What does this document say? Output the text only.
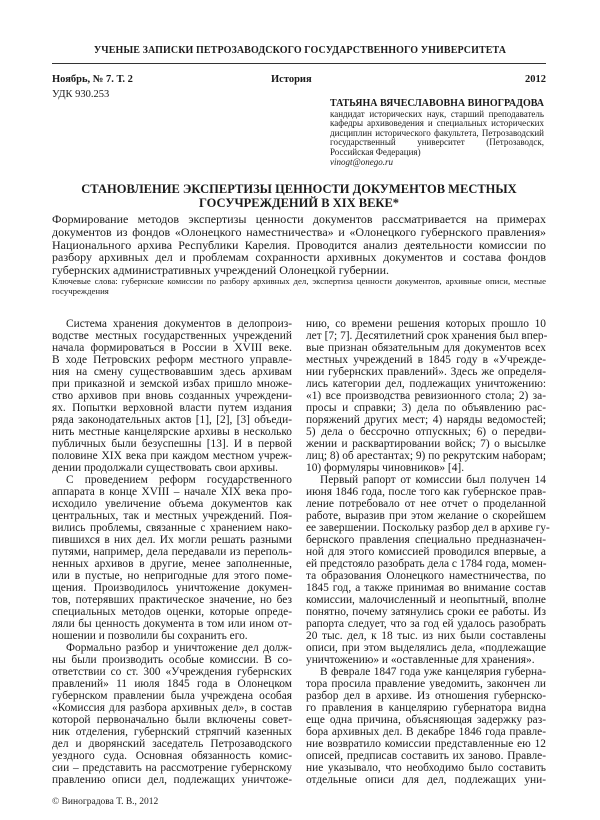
УЧЕНЫЕ ЗАПИСКИ ПЕТРОЗАВОДСКОГО ГОСУДАРСТВЕННОГО УНИВЕРСИТЕТА
Ноябрь, № 7. Т. 2	История	2012
УДК 930.253
ТАТЬЯНА ВЯЧЕСЛАВОВНА ВИНОГРАДОВА
кандидат исторических наук, старший преподаватель кафедры архивоведения и специальных исторических дисциплин исторического факультета, Петрозаводский государственный университет (Петрозаводск, Российская Федерация)
vinogt@onego.ru
СТАНОВЛЕНИЕ ЭКСПЕРТИЗЫ ЦЕННОСТИ ДОКУМЕНТОВ МЕСТНЫХ
ГОСУЧРЕЖДЕНИЙ В XIX ВЕКЕ*
Формирование методов экспертизы ценности документов рассматривается на примерах документов из фондов «Олонецкого наместничества» и «Олонецкого губернского правления» Национального архива Республики Карелия. Проводится анализ деятельности комиссии по разбору архивных дел и проблемам сохранности архивных документов и состава фондов губернских административных учреждений Олонецкой губернии.
Ключевые слова: губернские комиссии по разбору архивных дел, экспертиза ценности документов, архивные описи, местные госучреждения
Система хранения документов в делопроиз-
водстве местных государственных учреждений
начала формироваться в России в XVIII веке.
В ходе Петровских реформ местного управле-
ния на смену существовавшим здесь архивам
при приказной и земской избах пришло множе-
ство архивов при вновь созданных учреждени-
ях. Попытки верховной власти путем издания
ряда законодательных актов [1], [2], [3] объеди-
нить местные канцелярские архивы в несколько
публичных были безуспешны [13]. И в первой
половине XIX века при каждом местном учреж-
дении продолжали существовать свои архивы.
С проведением реформ государственного
аппарата в конце XVIII – начале XIX века про-
исходило увеличение объема документов как
центральных, так и местных учреждений. Поя-
вились проблемы, связанные с хранением нако-
пившихся в них дел. Их могли решать разными
путями, например, дела передавали из переполь-
ненных архивов в другие, менее заполненные,
или в пустые, но непригодные для этого поме-
щения. Производилось уничтожение докумен-
тов, потерявших практическое значение, но без
специальных методов оценки, которые опреде-
ляли бы ценность документа в том или ином от-
ношении и позволили бы сохранить его.
Формально разбор и уничтожение дел долж-
ны были производить особые комиссии. В со-
ответствии со ст. 300 «Учреждения губернских
правлений» 11 июля 1845 года в Олонецком
губернском правлении была учреждена особая
«Комиссия для разбора архивных дел», в состав
которой первоначально были включены совет-
ник отделения, губернский стряпчий казенных
дел и дворянский заседатель Петрозаводского
уездного суда. Основная обязанность комис-
сии – представить на рассмотрение губернскому
правлению описи дел, подлежащих уничтоже-
нию, со времени решения которых прошло 10
лет [7; 7]. Десятилетний срок хранения был впер-
вые признан обязательным для документов всех
местных учреждений в 1845 году в «Учрежде-
нии губернских правлений». Здесь же определя-
лись категории дел, подлежащих уничтожению:
«1) все производства ревизионного стола; 2) за-
просы и справки; 3) дела по объявлению рас-
поряжений других мест; 4) наряды ведомостей;
5) дела о бессрочно отпускных; 6) о передви-
жении и расквартировании войск; 7) о высылке
лиц; 8) об арестантах; 9) по рекрутским наборам;
10) формуляры чиновников» [4].
Первый рапорт от комиссии был получен 14
июня 1846 года, после того как губернское прав-
ление потребовало от нее отчет о проделанной
работе, выразив при этом желание о скорейшем
ее завершении. Поскольку разбор дел в архиве гу-
бернского правления специально предназначен-
ной для этого комиссией проводился впервые, а
ей предстояло разобрать дела с 1784 года, момен-
та образования Олонецкого наместничества, по
1845 год, а также принимая во внимание состав
комиссии, малочисленный и неопытный, вполне
понятно, почему затянулись сроки ее работы. Из
рапорта следует, что за год ей удалось разобрать
20 тыс. дел, к 18 тыс. из них были составлены
описи, при этом выделялись дела, «подлежащие
уничтожению» и «оставленные для хранения».
В феврале 1847 года уже канцелярия губерна-
тора просила правление уведомить, закончен ли
разбор дел в архиве. Из отношения губернско-
го правления в канцелярию губернатора видна
еще одна причина, объясняющая задержку раз-
бора архивных дел. В декабре 1846 года правле-
ние возвратило комиссии представленные ею 12
описей, предписав составить их заново. Правле-
ние указывало, что необходимо было составить
отдельные описи для дел, подлежащих уни-
© Виноградова Т. В., 2012
